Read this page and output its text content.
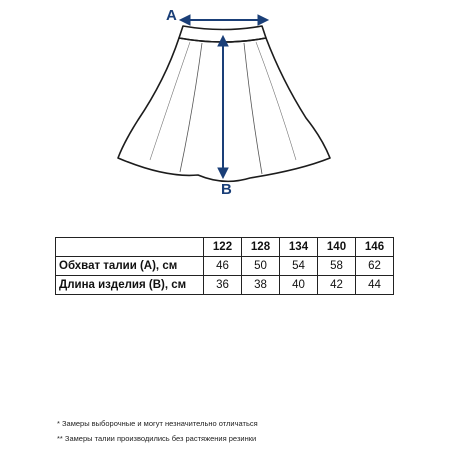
A
B
	122	128	134	140	146
Обхват талии (А), см	46	50	54	58	62
Длина изделия (В), см	36	38	40	42	44
* Замеры выборочные и могут незначительно отличаться
** Замеры талии производились без растяжения резинки
